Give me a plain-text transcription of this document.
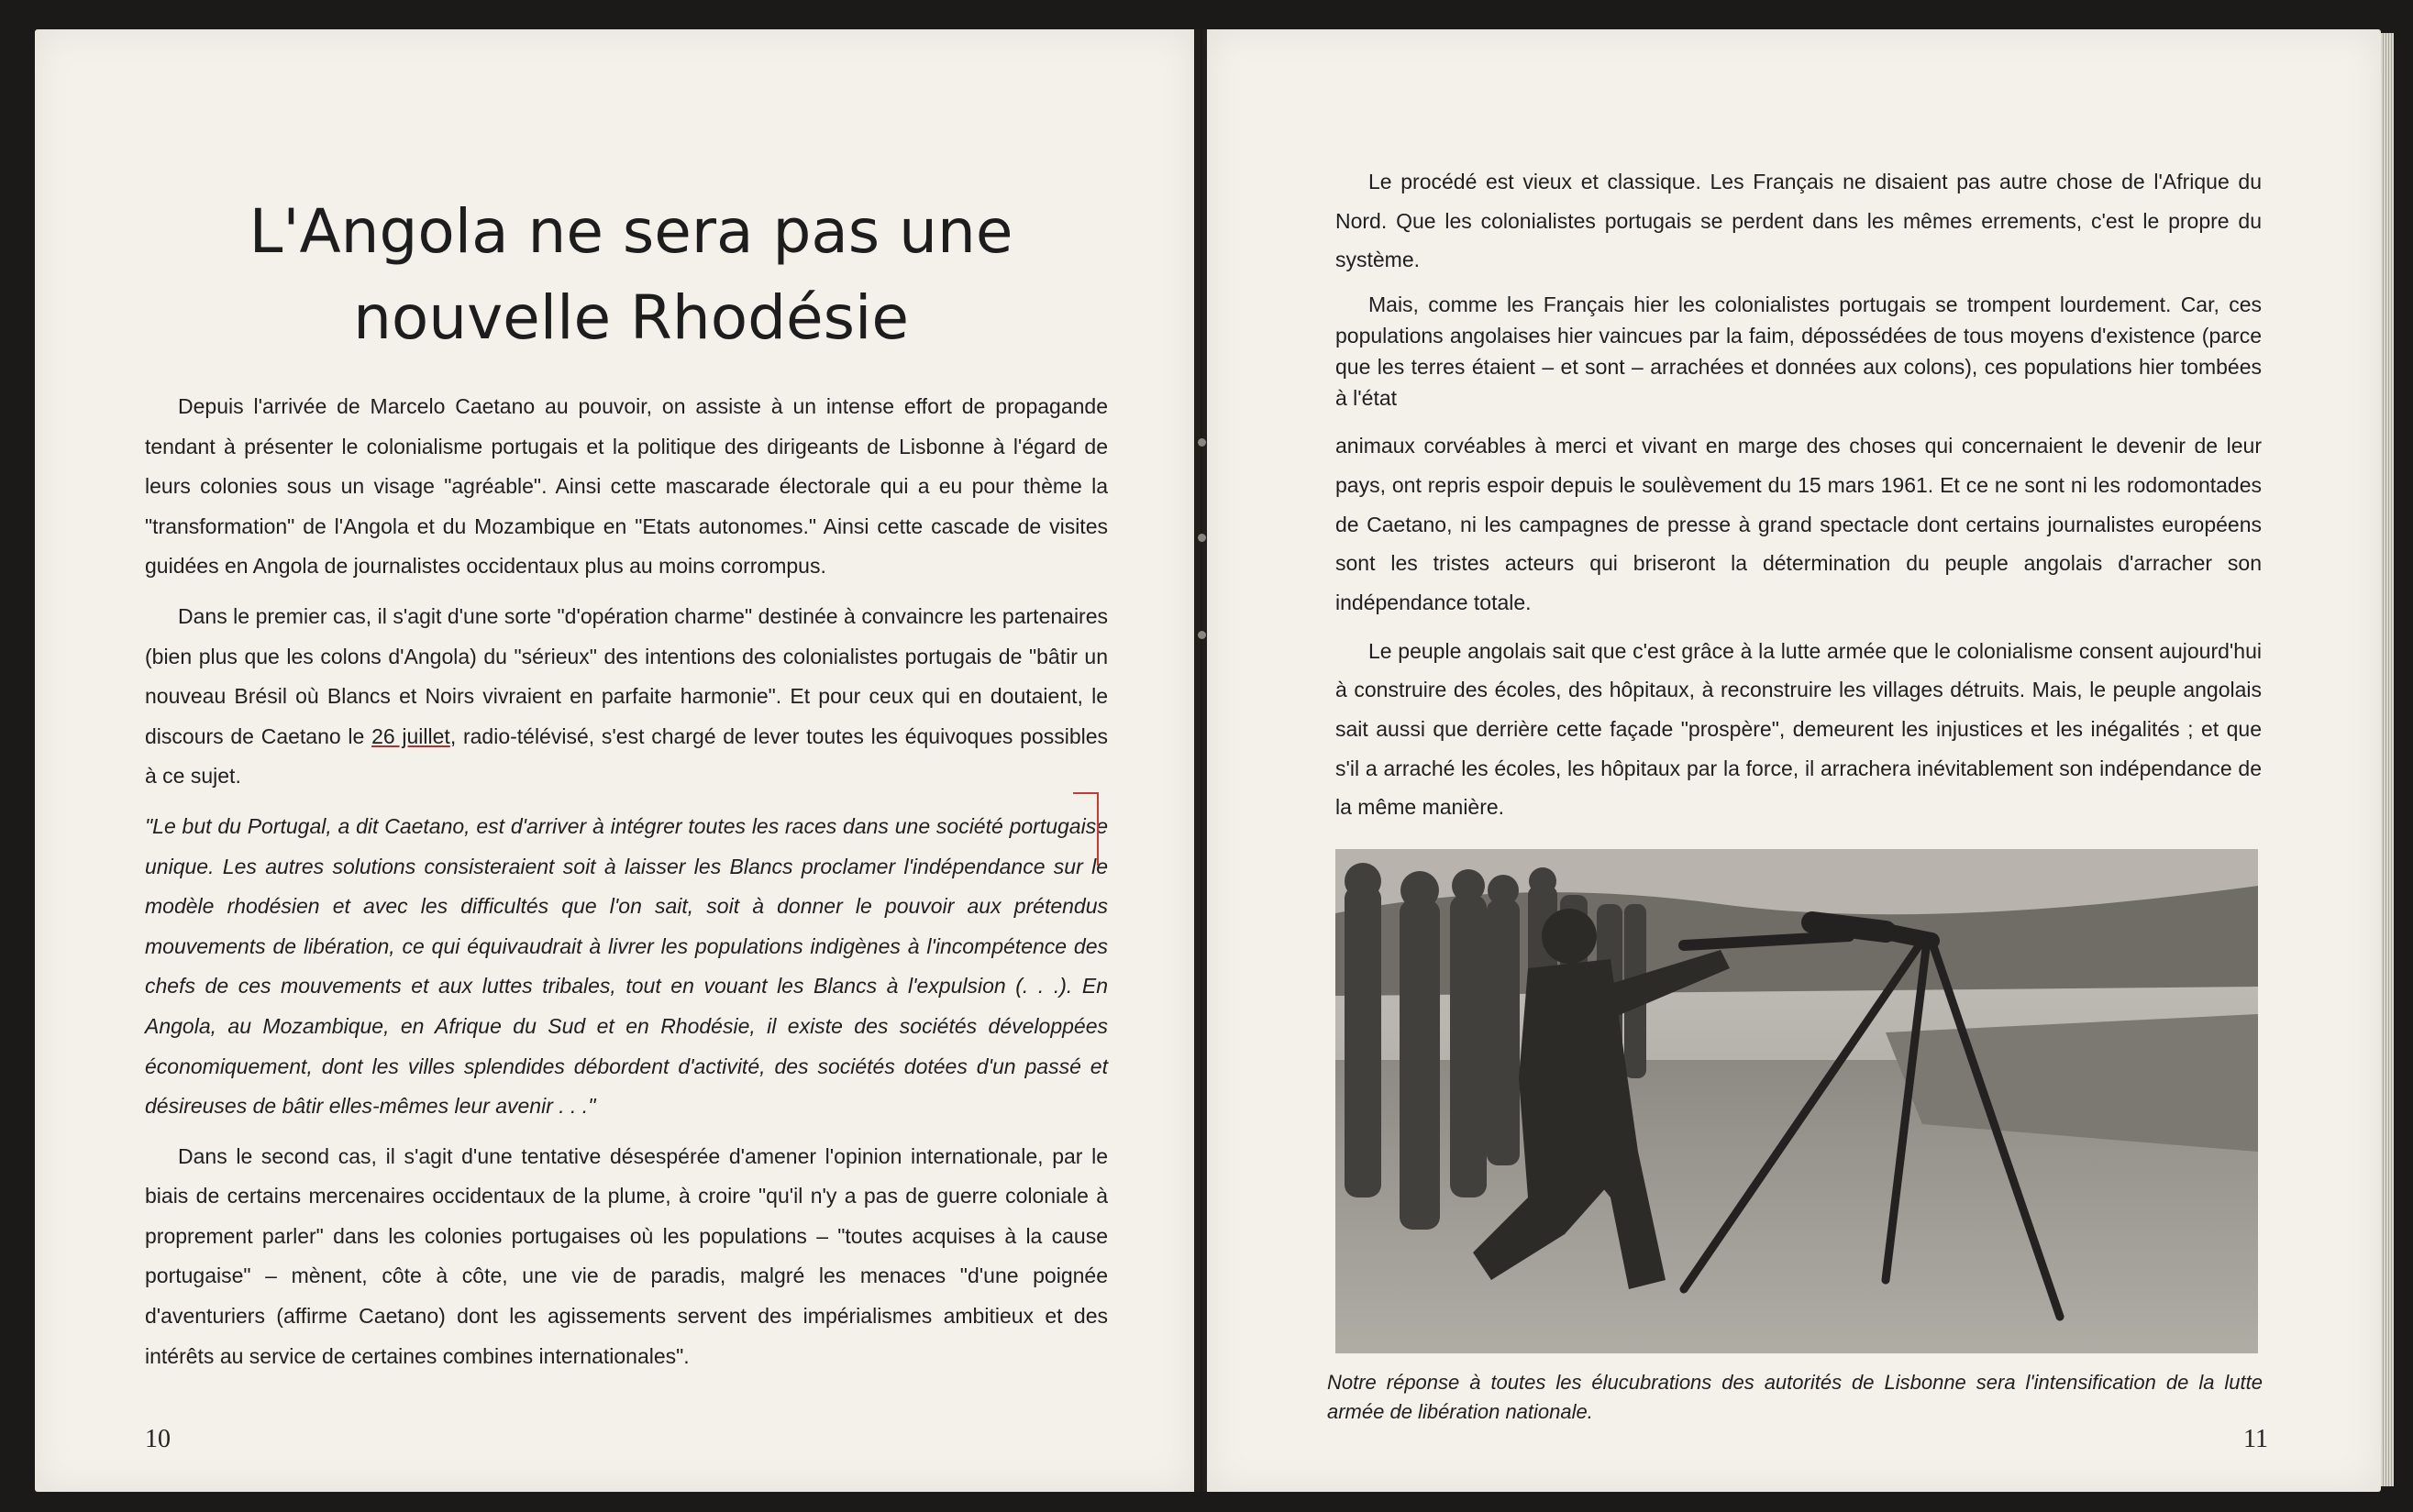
L'Angola ne sera pas une
nouvelle Rhodésie

Depuis l'arrivée de Marcelo Caetano au pouvoir, on assiste à un intense effort de propagande tendant à présenter le colonialisme portugais et la politique des dirigeants de Lisbonne à l'égard de leurs colonies sous un visage "agréable". Ainsi cette mascarade électorale qui a eu pour thème la "transformation" de l'Angola et du Mozambique en "Etats autonomes." Ainsi cette cascade de visites guidées en Angola de journalistes occidentaux plus au moins corrompus.

Dans le premier cas, il s'agit d'une sorte "d'opération charme" destinée à convaincre les partenaires (bien plus que les colons d'Angola) du "sérieux" des intentions des colonialistes portugais de "bâtir un nouveau Brésil où Blancs et Noirs vivraient en parfaite harmonie". Et pour ceux qui en doutaient, le discours de Caetano le 26 juillet, radio-télévisé, s'est chargé de lever toutes les équivoques possibles à ce sujet.

"Le but du Portugal, a dit Caetano, est d'arriver à intégrer toutes les races dans une société portugaise unique. Les autres solutions consisteraient soit à laisser les Blancs proclamer l'indépendance sur le modèle rhodésien et avec les difficultés que l'on sait, soit à donner le pouvoir aux prétendus mouvements de libération, ce qui équivaudrait à livrer les populations indigènes à l'incompétence des chefs de ces mouvements et aux luttes tribales, tout en vouant les Blancs à l'expulsion (. . .). En Angola, au Mozambique, en Afrique du Sud et en Rhodésie, il existe des sociétés développées économiquement, dont les villes splendides débordent d'activité, des sociétés dotées d'un passé et désireuses de bâtir elles-mêmes leur avenir . . ."

Dans le second cas, il s'agit d'une tentative désespérée d'amener l'opinion internationale, par le biais de certains mercenaires occidentaux de la plume, à croire "qu'il n'y a pas de guerre coloniale à proprement parler" dans les colonies portugaises où les populations – "toutes acquises à la cause portugaise" – mènent, côte à côte, une vie de paradis, malgré les menaces "d'une poignée d'aventuriers (affirme Caetano) dont les agissements servent des impérialismes ambitieux et des intérêts au service de certaines combines internationales".

10

Le procédé est vieux et classique. Les Français ne disaient pas autre chose de l'Afrique du Nord. Que les colonialistes portugais se perdent dans les mêmes errements, c'est le propre du système.

Mais, comme les Français hier les colonialistes portugais se trompent lourdement. Car, ces populations angolaises hier vaincues par la faim, dépossédées de tous moyens d'existence (parce que les terres étaient – et sont – arrachées et données aux colons), ces populations hier tombées à l'état

animaux corvéables à merci et vivant en marge des choses qui concernaient le devenir de leur pays, ont repris espoir depuis le soulèvement du 15 mars 1961. Et ce ne sont ni les rodomontades de Caetano, ni les campagnes de presse à grand spectacle dont certains journalistes européens sont les tristes acteurs qui briseront la détermination du peuple angolais d'arracher son indépendance totale.

Le peuple angolais sait que c'est grâce à la lutte armée que le colonialisme consent aujourd'hui à construire des écoles, des hôpitaux, à reconstruire les villages détruits. Mais, le peuple angolais sait aussi que derrière cette façade "prospère", demeurent les injustices et les inégalités ; et que s'il a arraché les écoles, les hôpitaux par la force, il arrachera inévitablement son indépendance de la même manière.

Notre réponse à toutes les élucubrations des autorités de Lisbonne sera l'intensification de la lutte armée de libération nationale.
11
